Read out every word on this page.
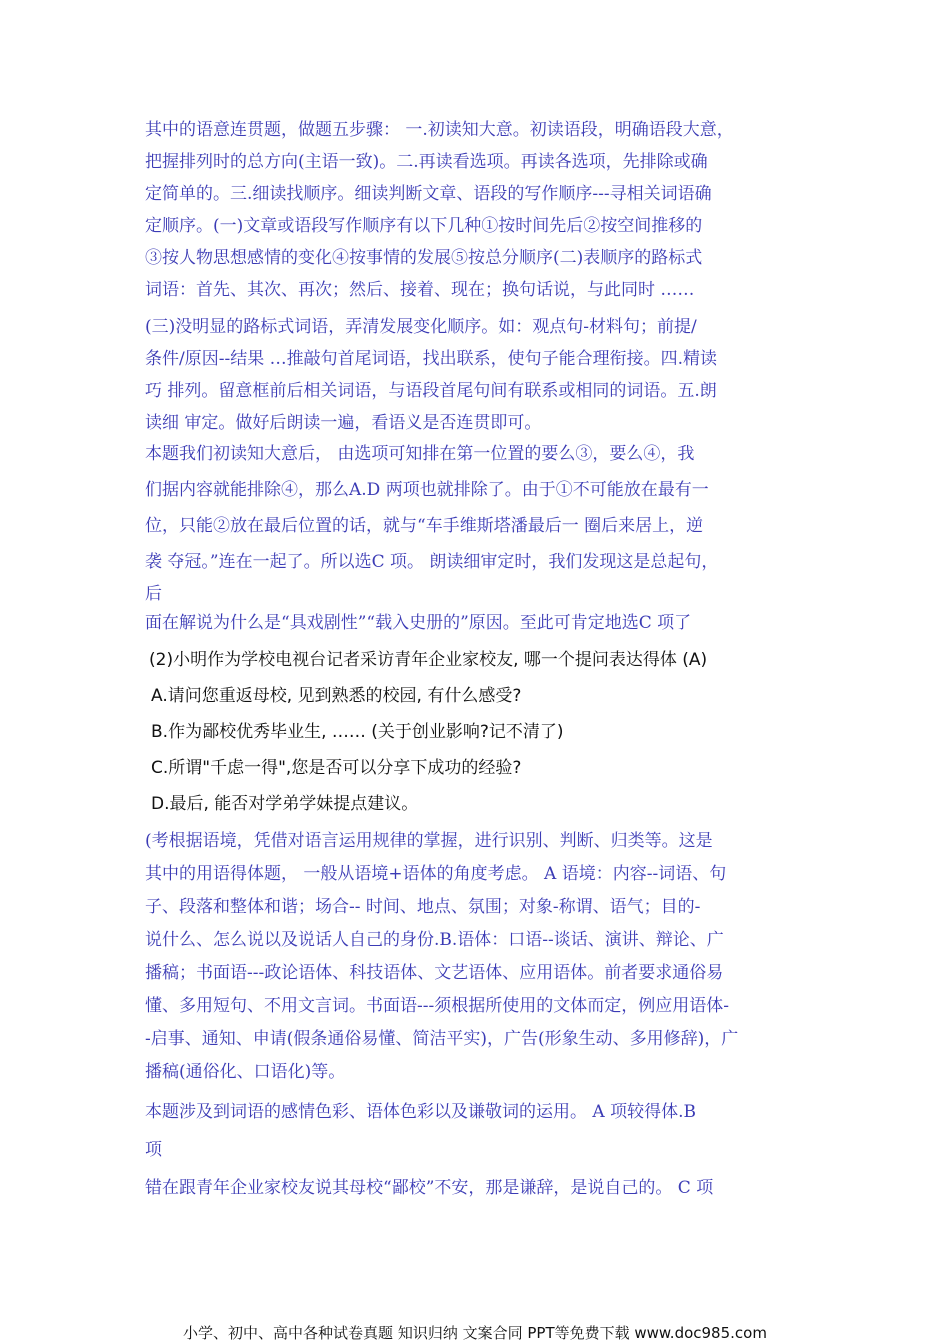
其中的语意连贯题，做题五步骤： 一.初读知大意。初读语段，明确语段大意，
把握排列时的总方向(主语一致)。二.再读看选项。再读各选项，先排除或确
定简单的。三.细读找顺序。细读判断文章、语段的写作顺序---寻相关词语确
定顺序。(一)文章或语段写作顺序有以下几种①按时间先后②按空间推移的
③按人物思想感情的变化④按事情的发展⑤按总分顺序(二)表顺序的路标式
词语：首先、其次、再次；然后、接着、现在；换句话说，与此同时 ……
(三)没明显的路标式词语，弄清发展变化顺序。如：观点句-材料句；前提/
条件/原因--结果 …推敲句首尾词语，找出联系，使句子能合理衔接。四.精读
巧 排列。留意框前后相关词语，与语段首尾句间有联系或相同的词语。五.朗
读细 审定。做好后朗读一遍，看语义是否连贯即可。
本题我们初读知大意后， 由选项可知排在第一位置的要么③，要么④，我
们据内容就能排除④，那么A.D 两项也就排除了。由于①不可能放在最有一
位，只能②放在最后位置的话，就与“车手维斯塔潘最后一 圈后来居上，逆
袭 夺冠。”连在一起了。所以选C 项。 朗读细审定时，我们发现这是总起句，
后
面在解说为什么是“具戏剧性”“载入史册的”原因。至此可肯定地选C 项了
(2)小明作为学校电视台记者采访青年企业家校友, 哪一个提问表达得体 (A)
A.请问您重返母校, 见到熟悉的校园, 有什么感受?
B.作为鄙校优秀毕业生, …… (关于创业影响?记不清了)
C.所谓"千虑一得",您是否可以分享下成功的经验?
D.最后, 能否对学弟学妹提点建议。
(考根据语境，凭借对语言运用规律的掌握，进行识别、判断、归类等。这是
其中的用语得体题， 一般从语境+语体的角度考虑。 A 语境：内容--词语、句
子、段落和整体和谐；场合-- 时间、地点、氛围；对象-称谓、语气；目的-
说什么、怎么说以及说话人自己的身份.B.语体：口语--谈话、演讲、辩论、广
播稿；书面语---政论语体、科技语体、文艺语体、应用语体。前者要求通俗易
懂、多用短句、不用文言词。书面语---须根据所使用的文体而定，例应用语体-
-启事、通知、申请(假条通俗易懂、简洁平实)，广告(形象生动、多用修辞)，广
播稿(通俗化、口语化)等。
本题涉及到词语的感情色彩、语体色彩以及谦敬词的运用。 A 项较得体.B
项
错在跟青年企业家校友说其母校“鄙校”不安，那是谦辞，是说自己的。 C 项
小学、初中、高中各种试卷真题 知识归纳 文案合同 PPT等免费下载 www.doc985.com
